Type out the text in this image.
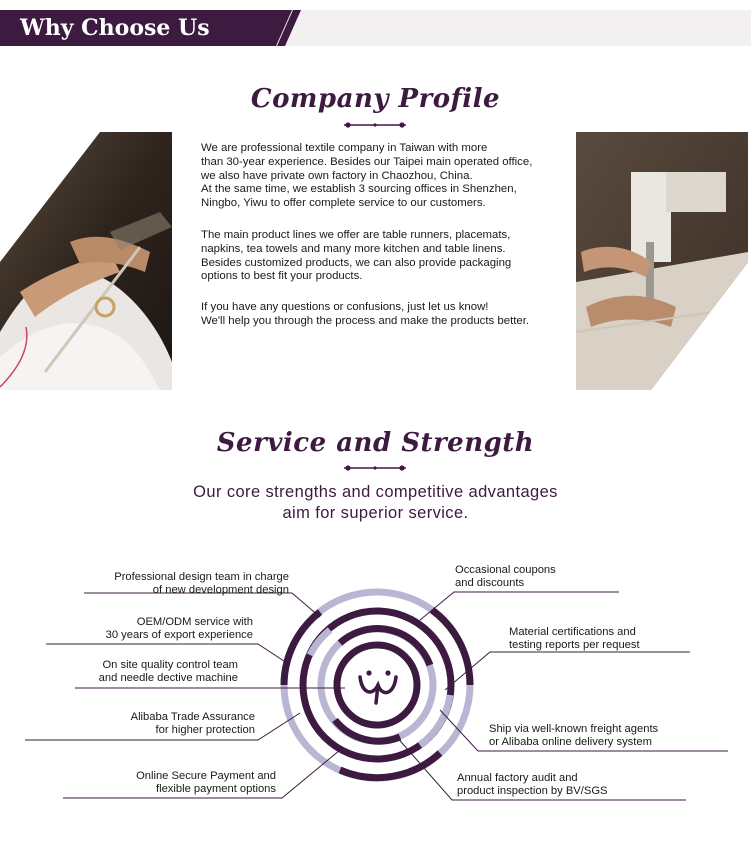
Why Choose Us
Company Profile

We are professional textile company in Taiwan with more
than 30-year experience. Besides our Taipei main operated office,
we also have private own factory in Chaozhou, China.
At the same time, we establish 3 sourcing offices in Shenzhen,
Ningbo, Yiwu to offer complete service to our customers.

The main product lines we offer are table runners, placemats,
napkins, tea towels and many more kitchen and table linens.
Besides customized products, we can also provide packaging
options to best fit your products.

If you have any questions or confusions, just let us know!
We'll help you through the process and make the products better.

Service and Strength
Our core strengths and competitive advantages
aim for superior service.
Professional design team in charge
of new development design
OEM/ODM service with
30 years of export experience
On site quality control team
and needle dective machine
Alibaba Trade Assurance
for higher protection
Online Secure Payment and
flexible payment options
Occasional coupons
and discounts
Material certifications and
testing reports per request
Ship via well-known freight agents
or Alibaba online delivery system
Annual factory audit and
product inspection by BV/SGS
